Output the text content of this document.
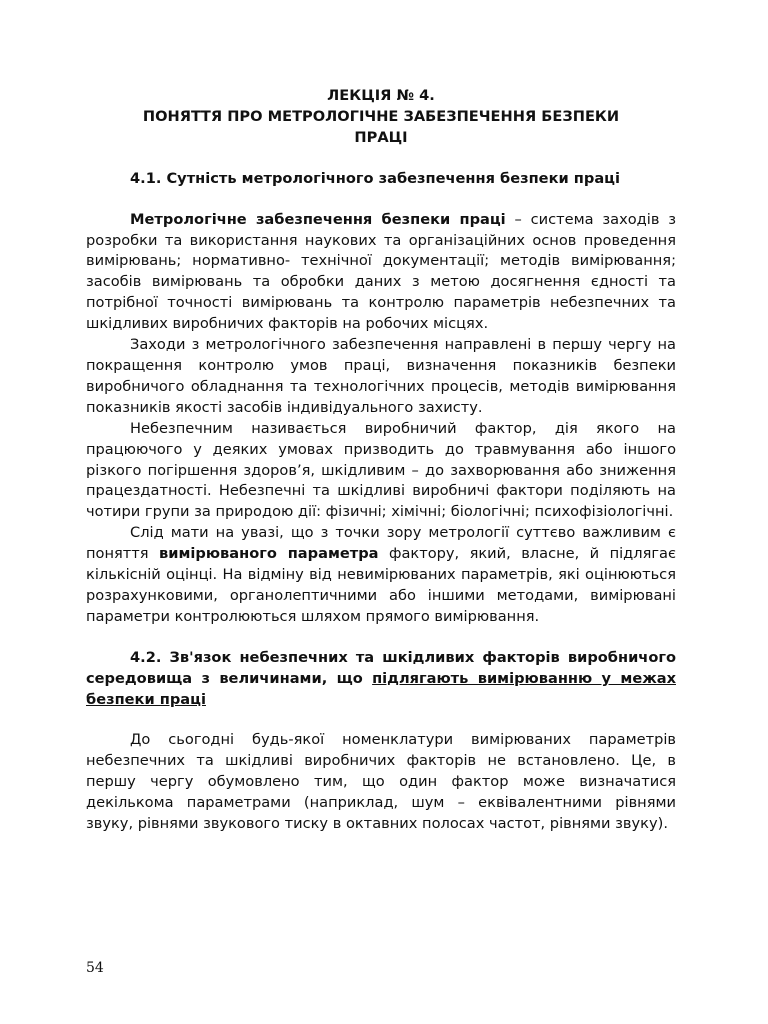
ЛЕКЦІЯ № 4.
ПОНЯТТЯ ПРО МЕТРОЛОГІЧНЕ ЗАБЕЗПЕЧЕННЯ БЕЗПЕКИ
ПРАЦІ

4.1. Сутність метрологічного забезпечення безпеки праці

Метрологічне забезпечення безпеки праці – система заходів з розробки та використання наукових та організаційних основ проведення вимірювань; нормативно- технічної документації; методів вимірювання; засобів вимірювань та обробки даних з метою досягнення єдності та потрібної точності вимірювань та контролю параметрів небезпечних та шкідливих виробничих факторів на робочих місцях.

Заходи з метрологічного забезпечення направлені в першу чергу на покращення контролю умов праці, визначення показників безпеки виробничого обладнання та технологічних процесів, методів вимірювання показників якості засобів індивідуального захисту.

Небезпечним називається виробничий фактор, дія якого на працюючого у деяких умовах призводить до травмування або іншого різкого погіршення здоров’я, шкідливим – до захворювання або зниження працездатності. Небезпечні та шкідливі виробничі фактори поділяють на чотири групи за природою дії: фізичні; хімічні; біологічні; психофізіологічні.

Слід мати на увазі, що з точки зору метрології суттєво важливим є поняття вимірюваного параметра фактору, який, власне, й підлягає кількісній оцінці. На відміну від невимірюваних параметрів, які оцінюються розрахунковими, органолептичними або іншими методами, вимірювані параметри контролюються шляхом прямого вимірювання.

4.2. Зв'язок небезпечних та шкідливих факторів виробничого середовища з величинами, що підлягають вимірюванню у межах безпеки праці

До сьогодні будь-якої номенклатури вимірюваних параметрів небезпечних та шкідливі виробничих факторів не встановлено. Це, в першу чергу обумовлено тим, що один фактор може визначатися декількома параметрами (наприклад, шум – еквівалентними рівнями звуку, рівнями звукового тиску в октавних полосах частот, рівнями звуку).

54
